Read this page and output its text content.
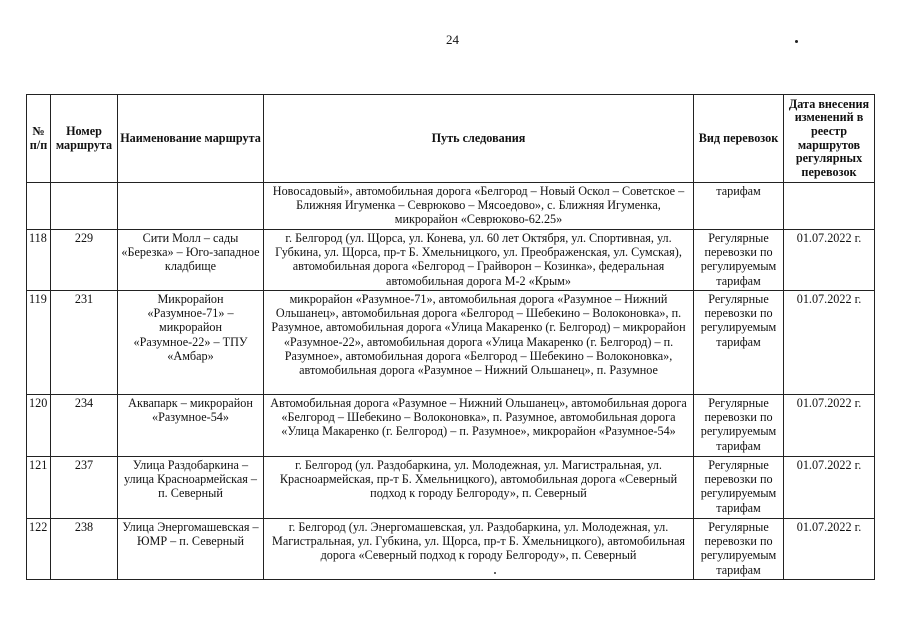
24
№ п/п	Номер маршрута	Наименование маршрута	Путь следования	Вид перевозок	Дата внесения изменений в реестр маршрутов регулярных перевозок
			Новосадовый», автомобильная дорога «Белгород – Новый Оскол – Советское – Ближняя Игуменка – Севрюково – Мясоедово», с. Ближняя Игуменка, микрорайон «Севрюково-62.25»	тарифам	
118	229	Сити Молл – сады «Березка» – Юго-западное кладбище	г. Белгород (ул. Щорса, ул. Конева, ул. 60 лет Октября, ул. Спортивная, ул. Губкина, ул. Щорса, пр-т Б. Хмельницкого, ул. Преображенская, ул. Сумская), автомобильная дорога «Белгород – Грайворон – Козинка», федеральная автомобильная дорога М-2 «Крым»	Регулярные перевозки по регулируемым тарифам	01.07.2022 г.
119	231	Микрорайон «Разумное-71» – микрорайон «Разумное-22» – ТПУ «Амбар»	микрорайон «Разумное-71», автомобильная дорога «Разумное – Нижний Ольшанец», автомобильная дорога «Белгород – Шебекино – Волоконовка», п. Разумное, автомобильная дорога «Улица Макаренко (г. Белгород) – микрорайон «Разумное-22», автомобильная дорога «Улица Макаренко (г. Белгород) – п. Разумное», автомобильная дорога «Белгород – Шебекино – Волоконовка», автомобильная дорога «Разумное – Нижний Ольшанец», п. Разумное	Регулярные перевозки по регулируемым тарифам	01.07.2022 г.
120	234	Аквапарк – микрорайон «Разумное-54»	Автомобильная дорога «Разумное – Нижний Ольшанец», автомобильная дорога «Белгород – Шебекино – Волоконовка», п. Разумное, автомобильная дорога «Улица Макаренко (г. Белгород) – п. Разумное», микрорайон «Разумное-54»	Регулярные перевозки по регулируемым тарифам	01.07.2022 г.
121	237	Улица Раздобаркина – улица Красноармейская – п. Северный	г. Белгород (ул. Раздобаркина, ул. Молодежная, ул. Магистральная, ул. Красноармейская, пр-т Б. Хмельницкого), автомобильная дорога «Северный подход к городу Белгороду», п. Северный	Регулярные перевозки по регулируемым тарифам	01.07.2022 г.
122	238	Улица Энергомашевская – ЮМР – п. Северный	г. Белгород (ул. Энергомашевская, ул. Раздобаркина, ул. Молодежная, ул. Магистральная, ул. Губкина, ул. Щорса, пр-т Б. Хмельницкого), автомобильная дорога «Северный подход к городу Белгороду», п. Северный	Регулярные перевозки по регулируемым тарифам	01.07.2022 г.
